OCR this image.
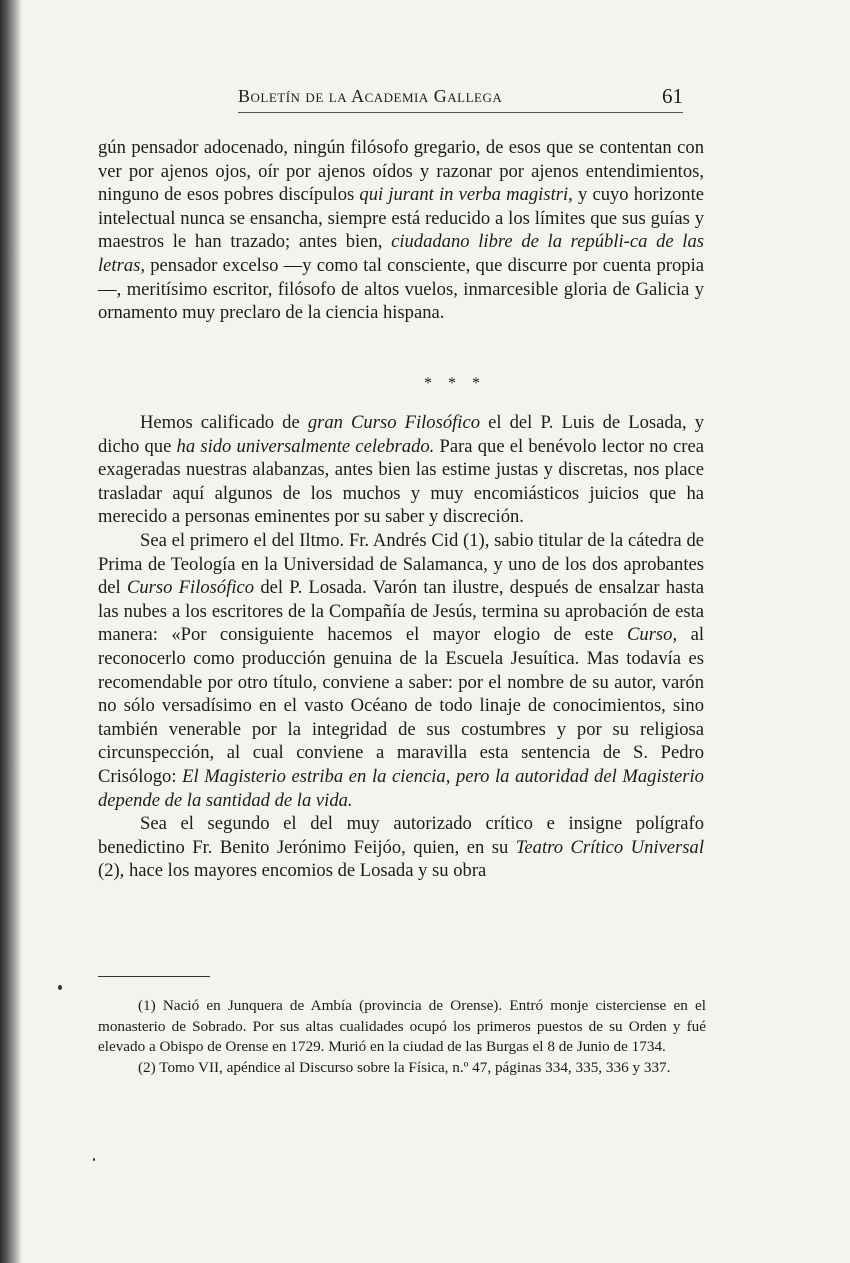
Boletín de la Academia Gallega	61

gún pensador adocenado, ningún filósofo gregario, de esos que se contentan con ver por ajenos ojos, oír por ajenos oídos y razonar por ajenos entendimientos, ninguno de esos pobres discípulos qui jurant in verba magistri, y cuyo horizonte intelectual nunca se ensancha, siempre está reducido a los límites que sus guías y maestros le han trazado; antes bien, ciudadano libre de la repúbli-ca de las letras, pensador excelso —y como tal consciente, que discurre por cuenta propia—, meritísimo escritor, filósofo de altos vuelos, inmarcesible gloria de Galicia y ornamento muy preclaro de la ciencia hispana.

* * *

Hemos calificado de gran Curso Filosófico el del P. Luis de Losada, y dicho que ha sido universalmente celebrado. Para que el benévolo lector no crea exageradas nuestras alabanzas, antes bien las estime justas y discretas, nos place trasladar aquí algunos de los muchos y muy encomiásticos juicios que ha merecido a personas eminentes por su saber y discreción.

Sea el primero el del Iltmo. Fr. Andrés Cid (1), sabio titular de la cátedra de Prima de Teología en la Universidad de Salamanca, y uno de los dos aprobantes del Curso Filosófico del P. Losada. Varón tan ilustre, después de ensalzar hasta las nubes a los escritores de la Compañía de Jesús, termina su aprobación de esta manera: «Por consiguiente hacemos el mayor elogio de este Curso, al reconocerlo como producción genuina de la Escuela Jesuítica. Mas todavía es recomendable por otro título, conviene a saber: por el nombre de su autor, varón no sólo versadísimo en el vasto Océano de todo linaje de conocimientos, sino también venerable por la integridad de sus costumbres y por su religiosa circunspección, al cual conviene a maravilla esta sentencia de S. Pedro Crisólogo: El Magisterio estriba en la ciencia, pero la autoridad del Magisterio depende de la santidad de la vida.

Sea el segundo el del muy autorizado crítico e insigne polígrafo benedictino Fr. Benito Jerónimo Feijóo, quien, en su Teatro Crítico Universal (2), hace los mayores encomios de Losada y su obra

(1) Nació en Junquera de Ambía (provincia de Orense). Entró monje cisterciense en el monasterio de Sobrado. Por sus altas cualidades ocupó los primeros puestos de su Orden y fué elevado a Obispo de Orense en 1729. Murió en la ciudad de las Burgas el 8 de Junio de 1734.

(2) Tomo VII, apéndice al Discurso sobre la Física, n.º 47, páginas 334, 335, 336 y 337.
